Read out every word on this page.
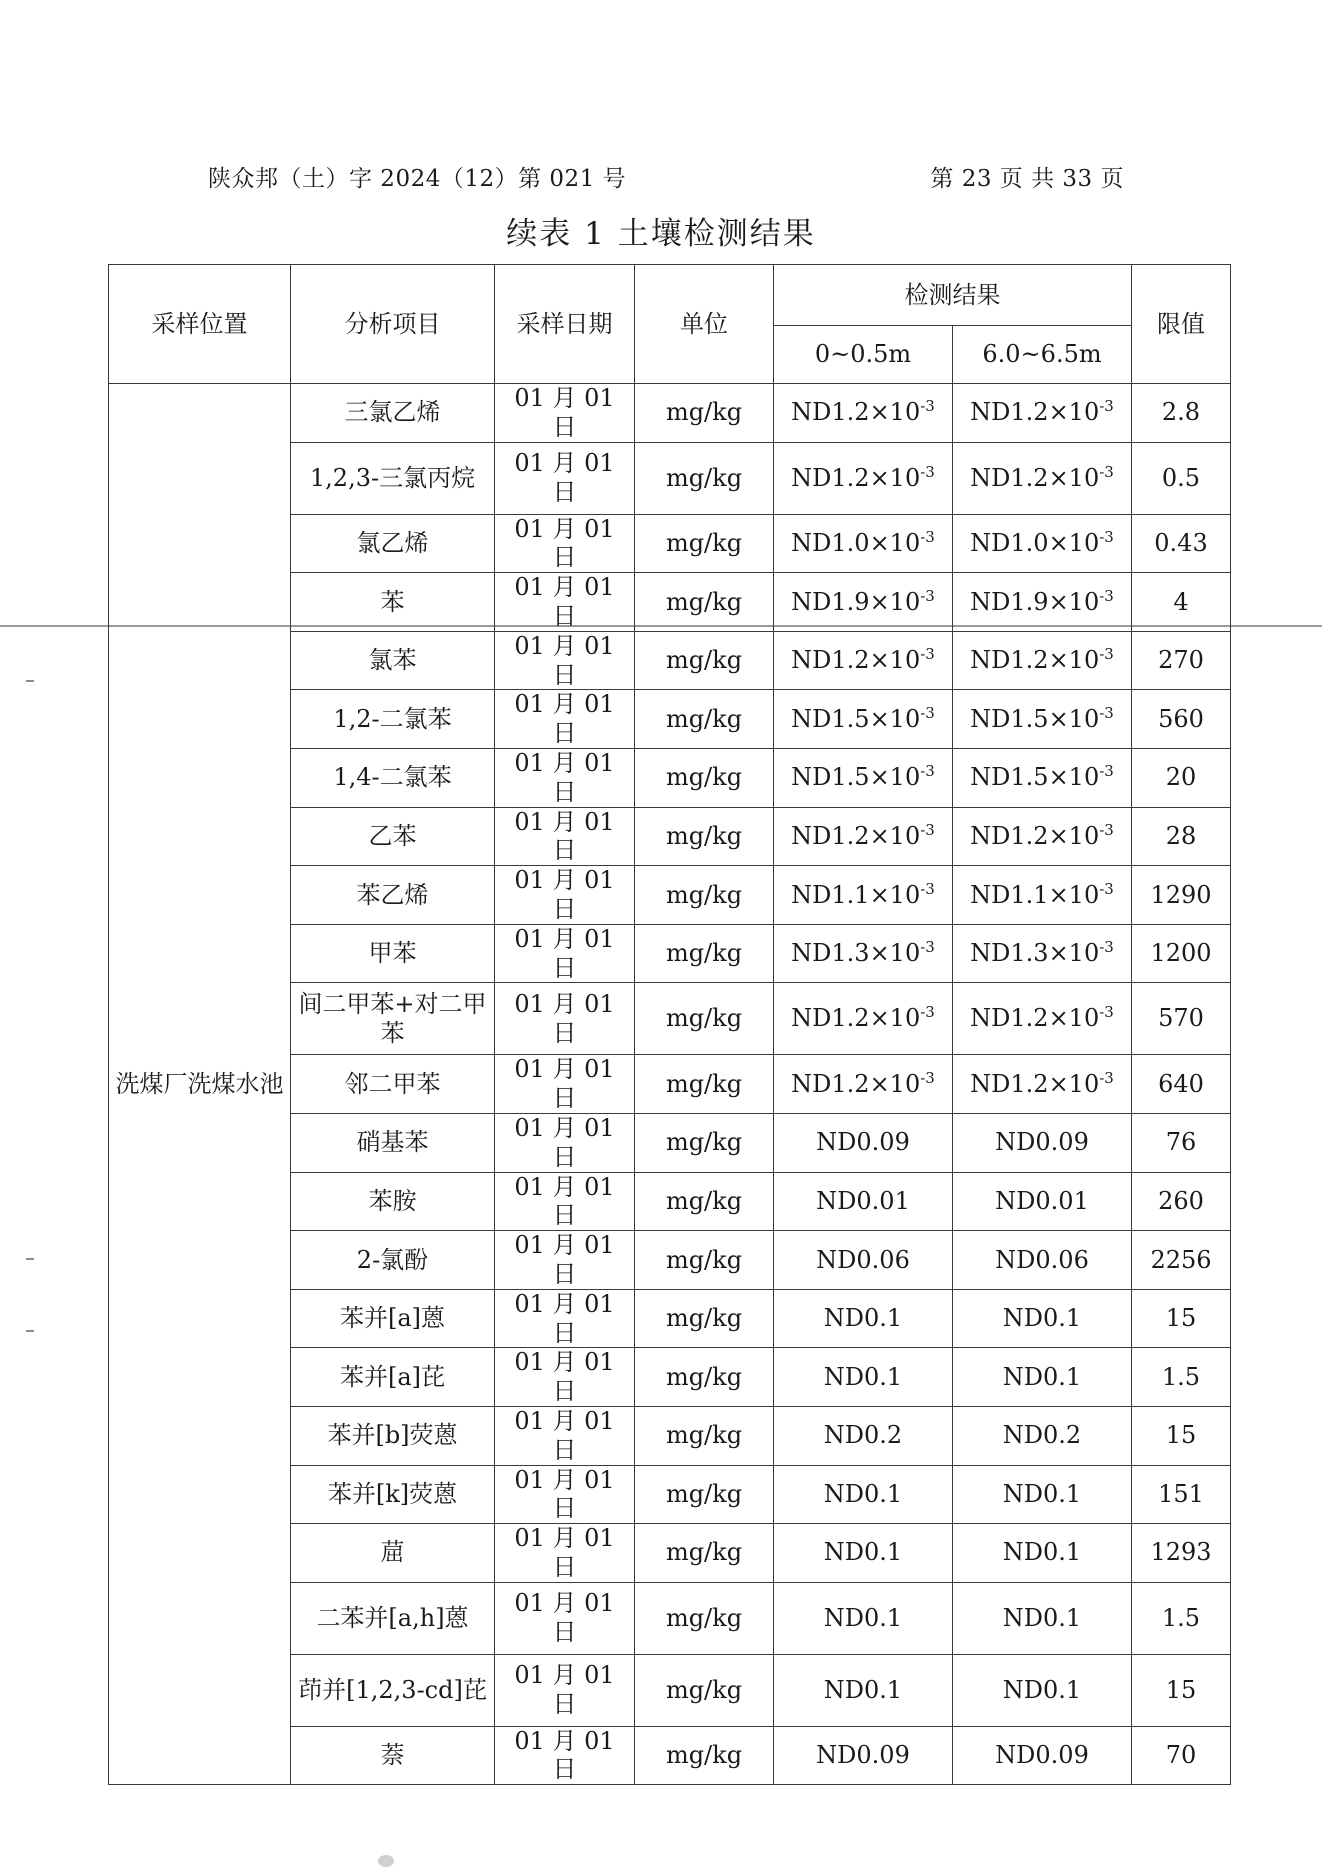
陕众邦（土）字 2024（12）第 021 号	第 23 页 共 33 页
续表 1 土壤检测结果
采样位置	分析项目	采样日期	单位	检测结果		限值
				0~0.5m	6.0~6.5m	
洗煤厂洗煤水池	三氯乙烯	01 月 01 日	mg/kg	$ND1.2\times 10^{-3}$	$ND1.2\times 10^{-3}$	2.8
	1,2,3-三氯丙烷	01 月 01 日	mg/kg	$ND1.2\times 10^{-3}$	$ND1.2\times 10^{-3}$	0.5
	氯乙烯	01 月 01 日	mg/kg	$ND1.0\times 10^{-3}$	$ND1.0\times 10^{-3}$	0.43
	苯	01 月 01 日	mg/kg	$ND1.9\times 10^{-3}$	$ND1.9\times 10^{-3}$	4
	氯苯	01 月 01 日	mg/kg	$ND1.2\times 10^{-3}$	$ND1.2\times 10^{-3}$	270
	1,2-二氯苯	01 月 01 日	mg/kg	$ND1.5\times 10^{-3}$	$ND1.5\times 10^{-3}$	560
	1,4-二氯苯	01 月 01 日	mg/kg	$ND1.5\times 10^{-3}$	$ND1.5\times 10^{-3}$	20
	乙苯	01 月 01 日	mg/kg	$ND1.2\times 10^{-3}$	$ND1.2\times 10^{-3}$	28
	苯乙烯	01 月 01 日	mg/kg	$ND1.1\times 10^{-3}$	$ND1.1\times 10^{-3}$	1290
	甲苯	01 月 01 日	mg/kg	$ND1.3\times 10^{-3}$	$ND1.3\times 10^{-3}$	1200
	间二甲苯+对二甲苯	01 月 01 日	mg/kg	$ND1.2\times 10^{-3}$	$ND1.2\times 10^{-3}$	570
	邻二甲苯	01 月 01 日	mg/kg	$ND1.2\times 10^{-3}$	$ND1.2\times 10^{-3}$	640
	硝基苯	01 月 01 日	mg/kg	ND0.09	ND0.09	76
	苯胺	01 月 01 日	mg/kg	ND0.01	ND0.01	260
	2-氯酚	01 月 01 日	mg/kg	ND0.06	ND0.06	2256
	苯并[a]蒽	01 月 01 日	mg/kg	ND0.1	ND0.1	15
	苯并[a]芘	01 月 01 日	mg/kg	ND0.1	ND0.1	1.5
	苯并[b]荧蒽	01 月 01 日	mg/kg	ND0.2	ND0.2	15
	苯并[k]荧蒽	01 月 01 日	mg/kg	ND0.1	ND0.1	151
	䓛	01 月 01 日	mg/kg	ND0.1	ND0.1	1293
	二苯并[a,h]蒽	01 月 01 日	mg/kg	ND0.1	ND0.1	1.5
	茚并[1,2,3-cd]芘	01 月 01 日	mg/kg	ND0.1	ND0.1	15
	萘	01 月 01 日	mg/kg	ND0.09	ND0.09	70
